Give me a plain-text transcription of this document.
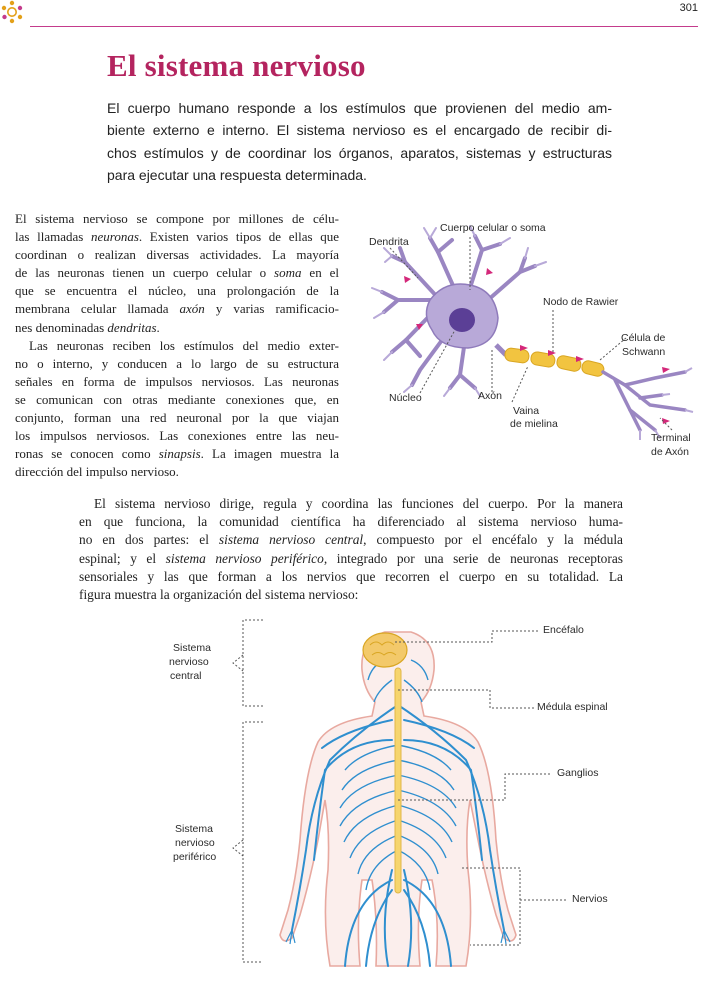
301
El sistema nervioso
El cuerpo humano responde a los estímulos que provienen del medio am-
biente externo e interno. El sistema nervioso es el encargado de recibir di-
chos estímulos y de coordinar los órganos, aparatos, sistemas y estructuras
para ejecutar una respuesta determinada.
El sistema nervioso se compone por millones de célu-
las llamadas neuronas. Existen varios tipos de ellas que
coordinan o realizan diversas actividades. La mayoría
de las neuronas tienen un cuerpo celular o soma en el
que se encuentra el núcleo, una prolongación de la
membrana celular llamada axón y varias ramificacio-
nes denominadas dendritas.
Las neuronas reciben los estímulos del medio exter-
no o interno, y conducen a lo largo de su estructura
señales en forma de impulsos nerviosos. Las neuronas
se comunican con otras mediante conexiones que, en
conjunto, forman una red neuronal por la que viajan
los impulsos nerviosos. Las conexiones entre las neu-
ronas se conocen como sinapsis. La imagen muestra la
dirección del impulso nervioso.
Cuerpo celular o soma
Dendrita
Nodo de Rawier
Célula de
Schwann
Núcleo	Axón
Vaina
de mielina
Terminal
de Axón
El sistema nervioso dirige, regula y coordina las funciones del cuerpo. Por la manera
en que funciona, la comunidad científica ha diferenciado al sistema nervioso huma-
no en dos partes: el sistema nervioso central, compuesto por el encéfalo y la médula
espinal; y el sistema nervioso periférico, integrado por una serie de neuronas receptoras
sensoriales y las que forman a los nervios que recorren el cuerpo en su totalidad. La
figura muestra la organización del sistema nervioso:
Sistema
nervioso
central
Sistema
nervioso
periférico
Encéfalo
Médula espinal
Ganglios
Nervios
